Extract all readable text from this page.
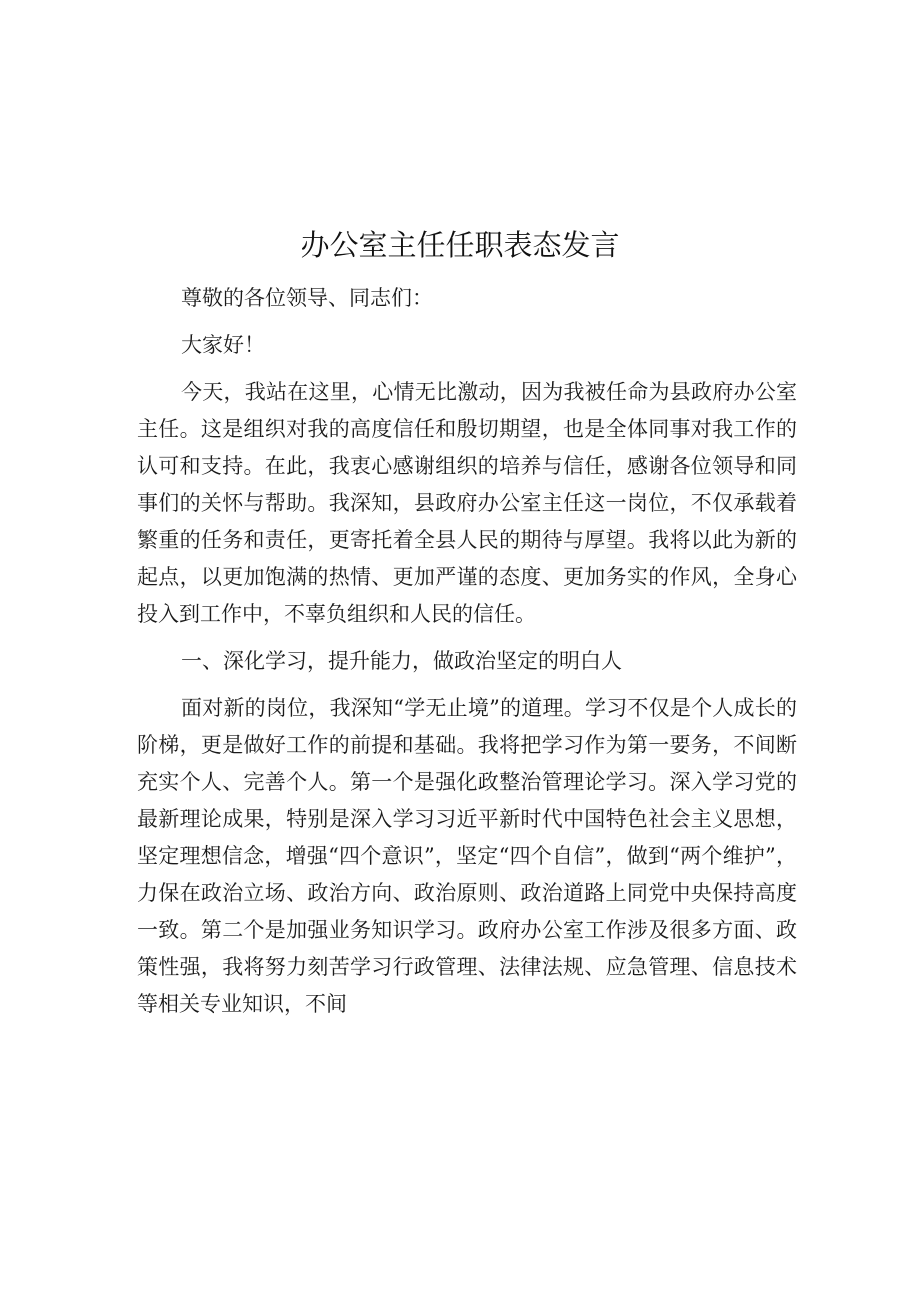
办公室主任任职表态发言

尊敬的各位领导、同志们：

大家好！

今天，我站在这里，心情无比激动，因为我被任命为县政府办公室主任。这是组织对我的高度信任和殷切期望，也是全体同事对我工作的认可和支持。在此，我衷心感谢组织的培养与信任，感谢各位领导和同事们的关怀与帮助。我深知，县政府办公室主任这一岗位，不仅承载着繁重的任务和责任，更寄托着全县人民的期待与厚望。我将以此为新的起点，以更加饱满的热情、更加严谨的态度、更加务实的作风，全身心投入到工作中，不辜负组织和人民的信任。

一、深化学习，提升能力，做政治坚定的明白人

面对新的岗位，我深知“学无止境”的道理。学习不仅是个人成长的阶梯，更是做好工作的前提和基础。我将把学习作为第一要务，不间断充实个人、完善个人。第一个是强化政整治管理论学习。深入学习党的最新理论成果，特别是深入学习习近平新时代中国特色社会主义思想，坚定理想信念，增强“四个意识”，坚定“四个自信”，做到“两个维护”，力保在政治立场、政治方向、政治原则、政治道路上同党中央保持高度一致。第二个是加强业务知识学习。政府办公室工作涉及很多方面、政策性强，我将努力刻苦学习行政管理、法律法规、应急管理、信息技术等相关专业知识，不间
